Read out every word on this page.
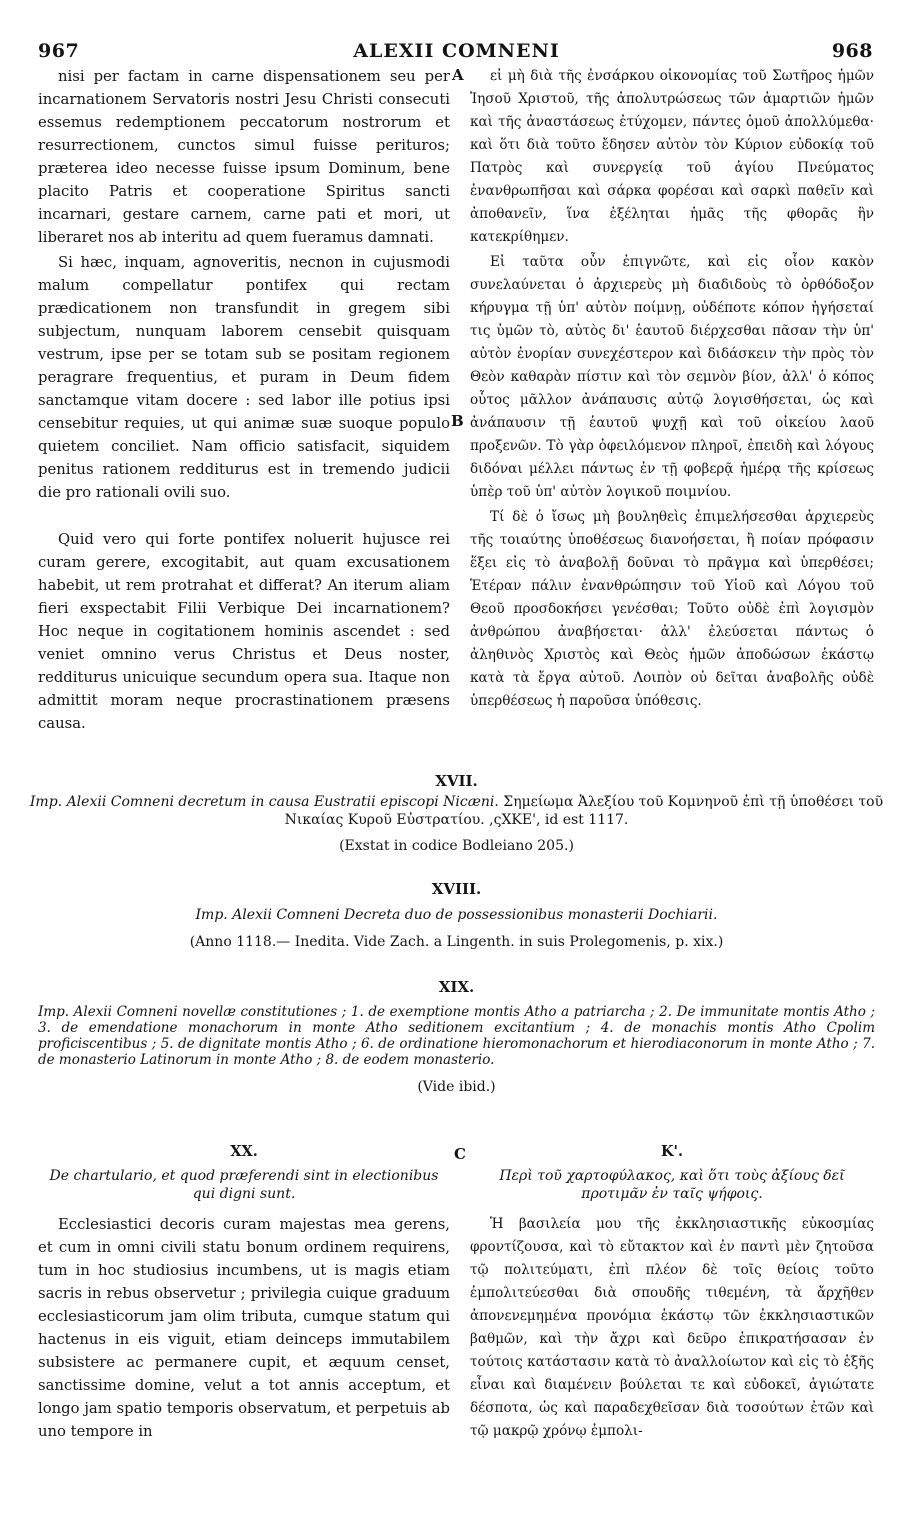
967	ALEXII COMNENI	968

nisi per factam in carne dispensationem seu per incarnationem Servatoris nostri Jesu Christi consecuti essemus redemptionem peccatorum nostrorum et resurrectionem, cunctos simul fuisse perituros; præterea ideo necesse fuisse ipsum Dominum, bene placito Patris et cooperatione Spiritus sancti incarnari, gestare carnem, carne pati et mori, ut liberaret nos ab interitu ad quem fueramus damnati.

Si hæc, inquam, agnoveritis, necnon in cujusmodi malum compellatur pontifex qui rectam prædicationem non transfundit in gregem sibi subjectum, nunquam laborem censebit quisquam vestrum, ipse per se totam sub se positam regionem peragrare frequentius, et puram in Deum fidem sanctamque vitam docere : sed labor ille potius ipsi censebitur requies, ut qui animæ suæ suoque populo quietem conciliet. Nam officio satisfacit, siquidem penitus rationem redditurus est in tremendo judicii die pro rationali ovili suo.

Quid vero qui forte pontifex noluerit hujusce rei curam gerere, excogitabit, aut quam excusationem habebit, ut rem protrahat et differat? An iterum aliam fieri exspectabit Filii Verbique Dei incarnationem? Hoc neque in cogitationem hominis ascendet : sed veniet omnino verus Christus et Deus noster, redditurus unicuique secundum opera sua. Itaque non admittit moram neque procrastinationem præsens causa.

εἰ μὴ διὰ τῆς ἐνσάρκου οἰκονομίας τοῦ Σωτῆρος ἡμῶν Ἰησοῦ Χριστοῦ, τῆς ἀπολυτρώσεως τῶν ἁμαρτιῶν ἡμῶν καὶ τῆς ἀναστάσεως ἐτύχομεν, πάντες ὁμοῦ ἀπολλύμεθα· καὶ ὅτι διὰ τοῦτο ἔδησεν αὐτὸν τὸν Κύριον εὐδοκίᾳ τοῦ Πατρὸς καὶ συνεργείᾳ τοῦ ἁγίου Πνεύματος ἐνανθρωπῆσαι καὶ σάρκα φορέσαι καὶ σαρκὶ παθεῖν καὶ ἀποθανεῖν, ἵνα ἐξέληται ἡμᾶς τῆς φθορᾶς ἣν κατεκρίθημεν.

Εἰ ταῦτα οὖν ἐπιγνῶτε, καὶ εἰς οἷον κακὸν συνελαύνεται ὁ ἀρχιερεὺς μὴ διαδιδοὺς τὸ ὀρθόδοξον κήρυγμα τῇ ὑπ' αὐτὸν ποίμνῃ, οὐδέποτε κόπον ἡγήσεταί τις ὑμῶν τὸ, αὐτὸς δι' ἑαυτοῦ διέρχεσθαι πᾶσαν τὴν ὑπ' αὐτὸν ἐνορίαν συνεχέστερον καὶ διδάσκειν τὴν πρὸς τὸν Θεὸν καθαρὰν πίστιν καὶ τὸν σεμνὸν βίον, ἀλλ' ὁ κόπος οὗτος μᾶλλον ἀνάπαυσις αὐτῷ λογισθήσεται, ὡς καὶ ἀνάπαυσιν τῇ ἑαυτοῦ ψυχῇ καὶ τοῦ οἰκείου λαοῦ προξενῶν. Τὸ γὰρ ὀφειλόμενον πληροῖ, ἐπειδὴ καὶ λόγους διδόναι μέλλει πάντως ἐν τῇ φοβερᾷ ἡμέρᾳ τῆς κρίσεως ὑπὲρ τοῦ ὑπ' αὐτὸν λογικοῦ ποιμνίου.

Τί δὲ ὁ ἴσως μὴ βουληθεὶς ἐπιμελήσεσθαι ἀρχιερεὺς τῆς τοιαύτης ὑποθέσεως διανοήσεται, ἢ ποίαν πρόφασιν ἕξει εἰς τὸ ἀναβολῇ δοῦναι τὸ πρᾶγμα καὶ ὑπερθέσει; Ἑτέραν πάλιν ἐνανθρώπησιν τοῦ Υἱοῦ καὶ Λόγου τοῦ Θεοῦ προσδοκήσει γενέσθαι; Τοῦτο οὐδὲ ἐπὶ λογισμὸν ἀνθρώπου ἀναβήσεται· ἀλλ' ἐλεύσεται πάντως ὁ ἀληθινὸς Χριστὸς καὶ Θεὸς ἡμῶν ἀποδώσων ἑκάστῳ κατὰ τὰ ἔργα αὐτοῦ. Λοιπὸν οὐ δεῖται ἀναβολῆς οὐδὲ ὑπερθέσεως ἡ παροῦσα ὑπόθεσις.

A
B
C
XVII.
Imp. Alexii Comneni decretum in causa Eustratii episcopi Nicæni. Σημείωμα Ἀλεξίου τοῦ Κομνηνοῦ ἐπὶ τῇ ὑποθέσει τοῦ Νικαίας Κυροῦ Εὐστρατίου. ,ςΧΚΕ', id est 1117.
(Exstat in codice Bodleiano 205.)
XVIII.
Imp. Alexii Comneni Decreta duo de possessionibus monasterii Dochiarii.
(Anno 1118.— Inedita. Vide Zach. a Lingenth. in suis Prolegomenis, p. xix.)
XIX.
Imp. Alexii Comneni novellæ constitutiones ; 1. de exemptione montis Atho a patriarcha ; 2. De immunitate montis Atho ; 3. de emendatione monachorum in monte Atho seditionem excitantium ; 4. de monachis montis Atho Cpolim proficiscentibus ; 5. de dignitate montis Atho ; 6. de ordinatione hieromonachorum et hierodiaconorum in monte Atho ; 7. de monasterio Latinorum in monte Atho ; 8. de eodem monasterio.
(Vide ibid.)
XX.
De chartulario, et quod præferendi sint in electionibus qui digni sunt.
Κ'.
Περὶ τοῦ χαρτοφύλακος, καὶ ὅτι τοὺς ἀξίους δεῖ προτιμᾶν ἐν ταῖς ψήφοις.

Ecclesiastici decoris curam majestas mea gerens, et cum in omni civili statu bonum ordinem requirens, tum in hoc studiosius incumbens, ut is magis etiam sacris in rebus observetur ; privilegia cuique graduum ecclesiasticorum jam olim tributa, cumque statum qui hactenus in eis viguit, etiam deinceps immutabilem subsistere ac permanere cupit, et æquum censet, sanctissime domine, velut a tot annis acceptum, et longo jam spatio temporis observatum, et perpetuis ab uno tempore in

Ἡ βασιλεία μου τῆς ἐκκλησιαστικῆς εὐκοσμίας φροντίζουσα, καὶ τὸ εὔτακτον καὶ ἐν παντὶ μὲν ζητοῦσα τῷ πολιτεύματι, ἐπὶ πλέον δὲ τοῖς θείοις τοῦτο ἐμπολιτεύεσθαι διὰ σπουδῆς τιθεμένη, τὰ ἄρχῆθεν ἀπονενεμημένα προνόμια ἑκάστῳ τῶν ἐκκλησιαστικῶν βαθμῶν, καὶ τὴν ἄχρι καὶ δεῦρο ἐπικρατήσασαν ἐν τούτοις κατάστασιν κατὰ τὸ ἀναλλοίωτον καὶ εἰς τὸ ἑξῆς εἶναι καὶ διαμένειν βούλεται τε καὶ εὐδοκεῖ, ἁγιώτατε δέσποτα, ὡς καὶ παραδεχθεῖσαν διὰ τοσούτων ἐτῶν καὶ τῷ μακρῷ χρόνῳ ἐμπολι-
